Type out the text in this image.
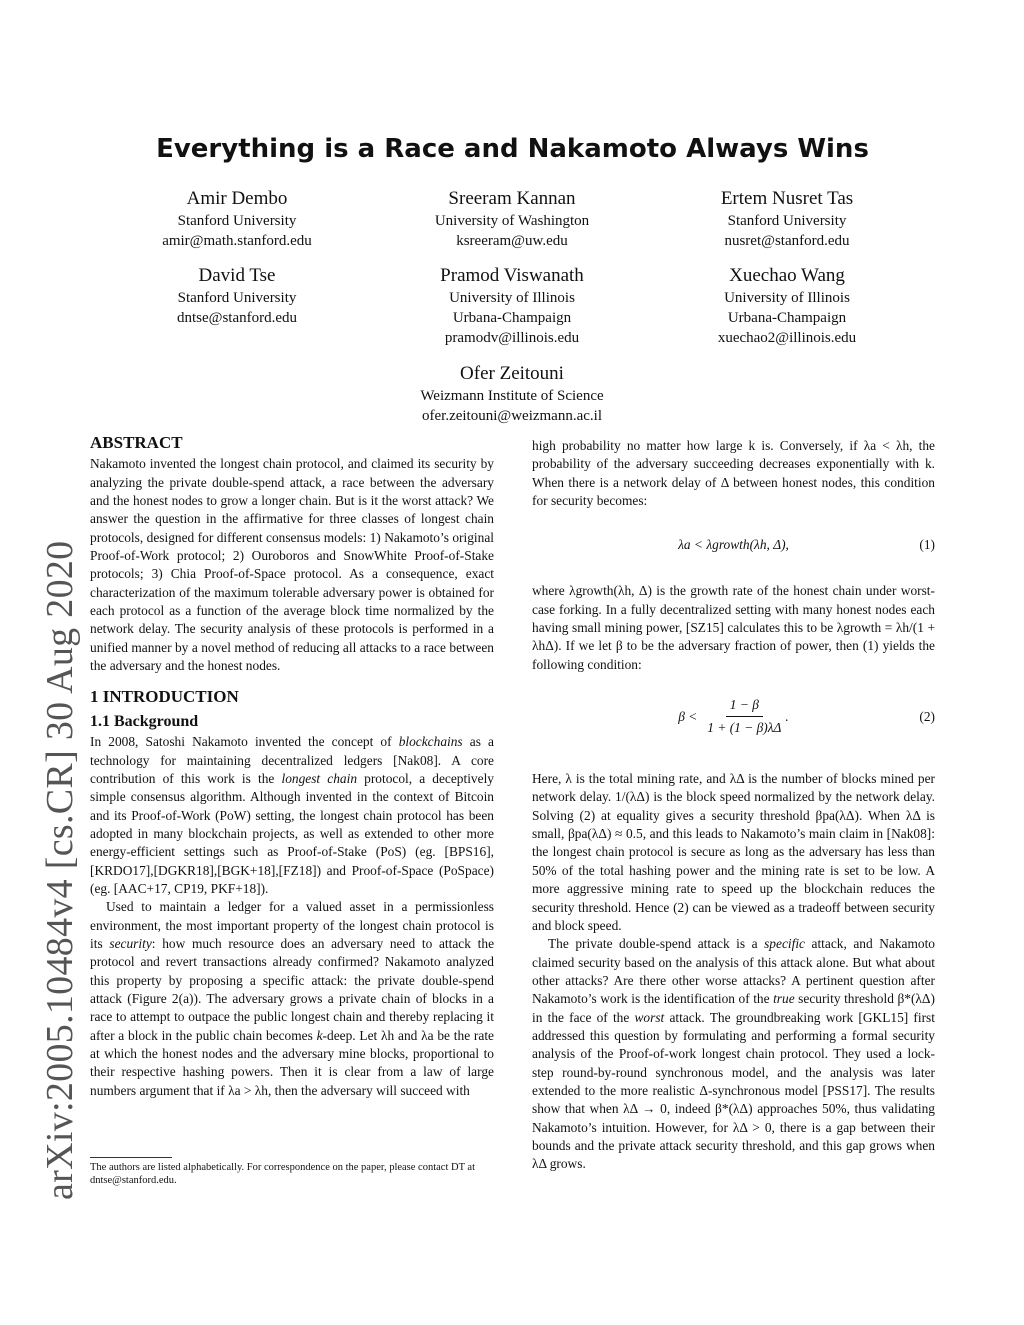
arXiv:2005.10484v4 [cs.CR] 30 Aug 2020
Everything is a Race and Nakamoto Always Wins
Amir Dembo
Stanford University
amir@math.stanford.edu
Sreeram Kannan
University of Washington
ksreeram@uw.edu
Ertem Nusret Tas
Stanford University
nusret@stanford.edu
David Tse
Stanford University
dntse@stanford.edu
Pramod Viswanath
University of Illinois
Urbana-Champaign
pramodv@illinois.edu
Xuechao Wang
University of Illinois
Urbana-Champaign
xuechao2@illinois.edu
Ofer Zeitouni
Weizmann Institute of Science
ofer.zeitouni@weizmann.ac.il
ABSTRACT

Nakamoto invented the longest chain protocol, and claimed its security by analyzing the private double-spend attack, a race between the adversary and the honest nodes to grow a longer chain. But is it the worst attack? We answer the question in the affirmative for three classes of longest chain protocols, designed for different consensus models: 1) Nakamoto’s original Proof-of-Work protocol; 2) Ouroboros and SnowWhite Proof-of-Stake protocols; 3) Chia Proof-of-Space protocol. As a consequence, exact characterization of the maximum tolerable adversary power is obtained for each protocol as a function of the average block time normalized by the network delay. The security analysis of these protocols is performed in a unified manner by a novel method of reducing all attacks to a race between the adversary and the honest nodes.

1 INTRODUCTION
1.1 Background

In 2008, Satoshi Nakamoto invented the concept of blockchains as a technology for maintaining decentralized ledgers [Nak08]. A core contribution of this work is the longest chain protocol, a deceptively simple consensus algorithm. Although invented in the context of Bitcoin and its Proof-of-Work (PoW) setting, the longest chain protocol has been adopted in many blockchain projects, as well as extended to other more energy-efficient settings such as Proof-of-Stake (PoS) (eg. [BPS16], [KRDO17],[DGKR18],[BGK+18],[FZ18]) and Proof-of-Space (PoSpace) (eg. [AAC+17, CP19, PKF+18]).

Used to maintain a ledger for a valued asset in a permissionless environment, the most important property of the longest chain protocol is its security: how much resource does an adversary need to attack the protocol and revert transactions already confirmed? Nakamoto analyzed this property by proposing a specific attack: the private double-spend attack (Figure 2(a)). The adversary grows a private chain of blocks in a race to attempt to outpace the public longest chain and thereby replacing it after a block in the public chain becomes k-deep. Let λh and λa be the rate at which the honest nodes and the adversary mine blocks, proportional to their respective hashing powers. Then it is clear from a law of large numbers argument that if λa > λh, then the adversary will succeed with

The authors are listed alphabetically. For correspondence on the paper, please contact DT at dntse@stanford.edu.

high probability no matter how large k is. Conversely, if λa < λh, the probability of the adversary succeeding decreases exponentially with k. When there is a network delay of Δ between honest nodes, this condition for security becomes:

λa < λgrowth(λh, Δ),	(1)

where λgrowth(λh, Δ) is the growth rate of the honest chain under worst-case forking. In a fully decentralized setting with many honest nodes each having small mining power, [SZ15] calculates this to be λgrowth = λh/(1 + λhΔ). If we let β to be the adversary fraction of power, then (1) yields the following condition:

$\beta < \frac{1 - \beta}{1 + (1 - \beta)\lambda\Delta}$ .	(2)

Here, λ is the total mining rate, and λΔ is the number of blocks mined per network delay. 1/(λΔ) is the block speed normalized by the network delay. Solving (2) at equality gives a security threshold βpa(λΔ). When λΔ is small, βpa(λΔ) ≈ 0.5, and this leads to Nakamoto’s main claim in [Nak08]: the longest chain protocol is secure as long as the adversary has less than 50% of the total hashing power and the mining rate is set to be low. A more aggressive mining rate to speed up the blockchain reduces the security threshold. Hence (2) can be viewed as a tradeoff between security and block speed.

The private double-spend attack is a specific attack, and Nakamoto claimed security based on the analysis of this attack alone. But what about other attacks? Are there other worse attacks? A pertinent question after Nakamoto’s work is the identification of the true security threshold β*(λΔ) in the face of the worst attack. The groundbreaking work [GKL15] first addressed this question by formulating and performing a formal security analysis of the Proof-of-work longest chain protocol. They used a lock-step round-by-round synchronous model, and the analysis was later extended to the more realistic Δ-synchronous model [PSS17]. The results show that when λΔ → 0, indeed β*(λΔ) approaches 50%, thus validating Nakamoto’s intuition. However, for λΔ > 0, there is a gap between their bounds and the private attack security threshold, and this gap grows when λΔ grows.
